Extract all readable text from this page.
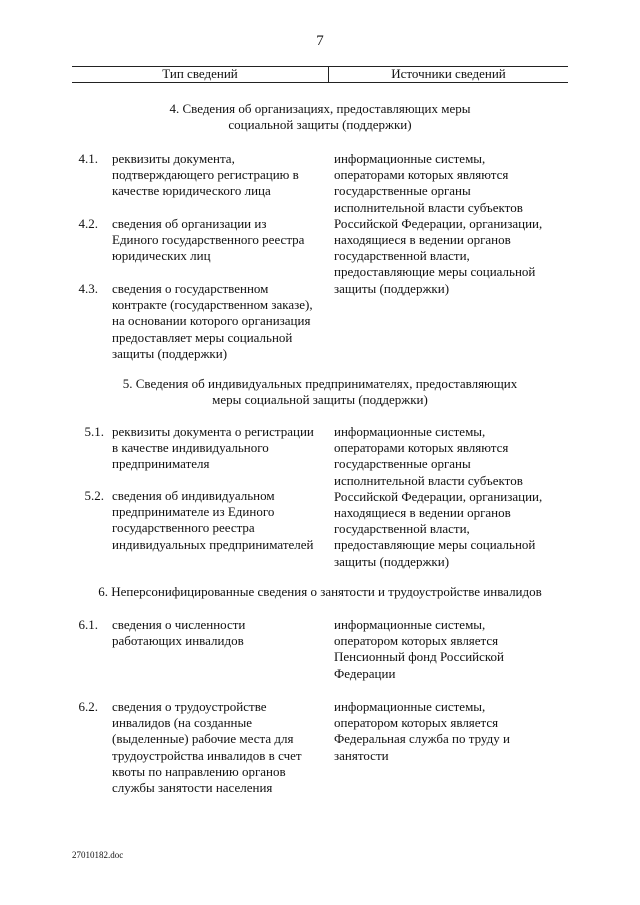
7
Тип сведений	Источники сведений
4. Сведения об организациях, предоставляющих меры
социальной защиты (поддержки)
4.1. реквизиты документа,
подтверждающего регистрацию в
качестве юридического лица
4.2. сведения об организации из
Единого государственного реестра
юридических лиц
4.3. сведения о государственном
контракте (государственном заказе),
на основании которого организация
предоставляет меры социальной
защиты (поддержки)
информационные системы,
операторами которых являются
государственные органы
исполнительной власти субъектов
Российской Федерации, организации,
находящиеся в ведении органов
государственной власти,
предоставляющие меры социальной
защиты (поддержки)
5. Сведения об индивидуальных предпринимателях, предоставляющих
меры социальной защиты (поддержки)
5.1. реквизиты документа о регистрации
в качестве индивидуального
предпринимателя
5.2. сведения об индивидуальном
предпринимателе из Единого
государственного реестра
индивидуальных предпринимателей
информационные системы,
операторами которых являются
государственные органы
исполнительной власти субъектов
Российской Федерации, организации,
находящиеся в ведении органов
государственной власти,
предоставляющие меры социальной
защиты (поддержки)
6. Неперсонифицированные сведения о занятости и трудоустройстве инвалидов
6.1. сведения о численности
работающих инвалидов
информационные системы,
оператором которых является
Пенсионный фонд Российской
Федерации
6.2. сведения о трудоустройстве
инвалидов (на созданные
(выделенные) рабочие места для
трудоустройства инвалидов в счет
квоты по направлению органов
службы занятости населения
информационные системы,
оператором которых является
Федеральная служба по труду и
занятости
27010182.doc
